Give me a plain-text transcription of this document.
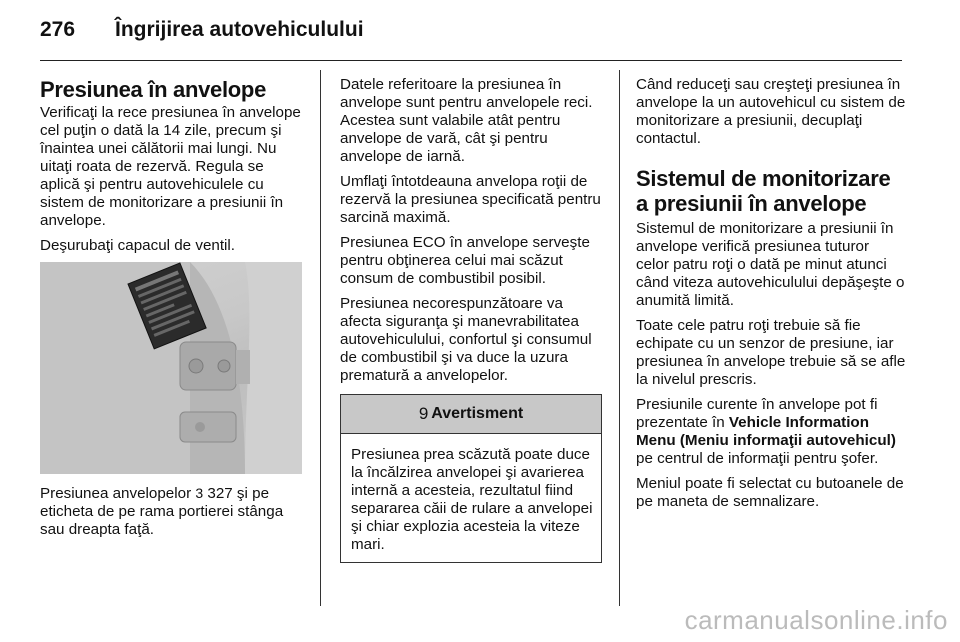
276 Îngrijirea autovehiculului
Presiunea în anvelope

Verificaţi la rece presiunea în anvelope cel puţin o dată la 14 zile, precum şi înaintea unei călătorii mai lungi. Nu uitaţi roata de rezervă. Regula se aplică şi pentru autovehiculele cu sistem de monitorizare a presiunii în anvelope.

Deşurubaţi capacul de ventil.

Presiunea anvelopelor 3 327 şi pe eticheta de pe rama portierei stânga sau dreapta faţă.

Datele referitoare la presiunea în anvelope sunt pentru anvelopele reci. Acestea sunt valabile atât pentru anvelope de vară, cât şi pentru anvelope de iarnă.

Umflaţi întotdeauna anvelopa roţii de rezervă la presiunea specificată pentru sarcină maximă.

Presiunea ECO în anvelope serveşte pentru obţinerea celui mai scăzut consum de combustibil posibil.

Presiunea necorespunzătoare va afecta siguranţa şi manevrabilitatea autovehiculului, confortul şi consumul de combustibil şi va duce la uzura prematură a anvelopelor.

9 Avertisment

Presiunea prea scăzută poate duce la încălzirea anvelopei şi avarierea internă a acesteia, rezultatul fiind separarea căii de rulare a anvelopei şi chiar explozia acesteia la viteze mari.

Când reduceţi sau creşteţi presiunea în anvelope la un autovehicul cu sistem de monitorizare a presiunii, decuplaţi contactul.

Sistemul de monitorizare a presiunii în anvelope

Sistemul de monitorizare a presiunii în anvelope verifică presiunea tuturor celor patru roţi o dată pe minut atunci când viteza autovehiculului depăşeşte o anumită limită.

Toate cele patru roţi trebuie să fie echipate cu un senzor de presiune, iar presiunea în anvelope trebuie să se afle la nivelul prescris.

Presiunile curente în anvelope pot fi prezentate în Vehicle Information Menu (Meniu informaţii autovehicul) pe centrul de informaţii pentru şofer.

Meniul poate fi selectat cu butoanele de pe maneta de semnalizare.

carmanualsonline.info
